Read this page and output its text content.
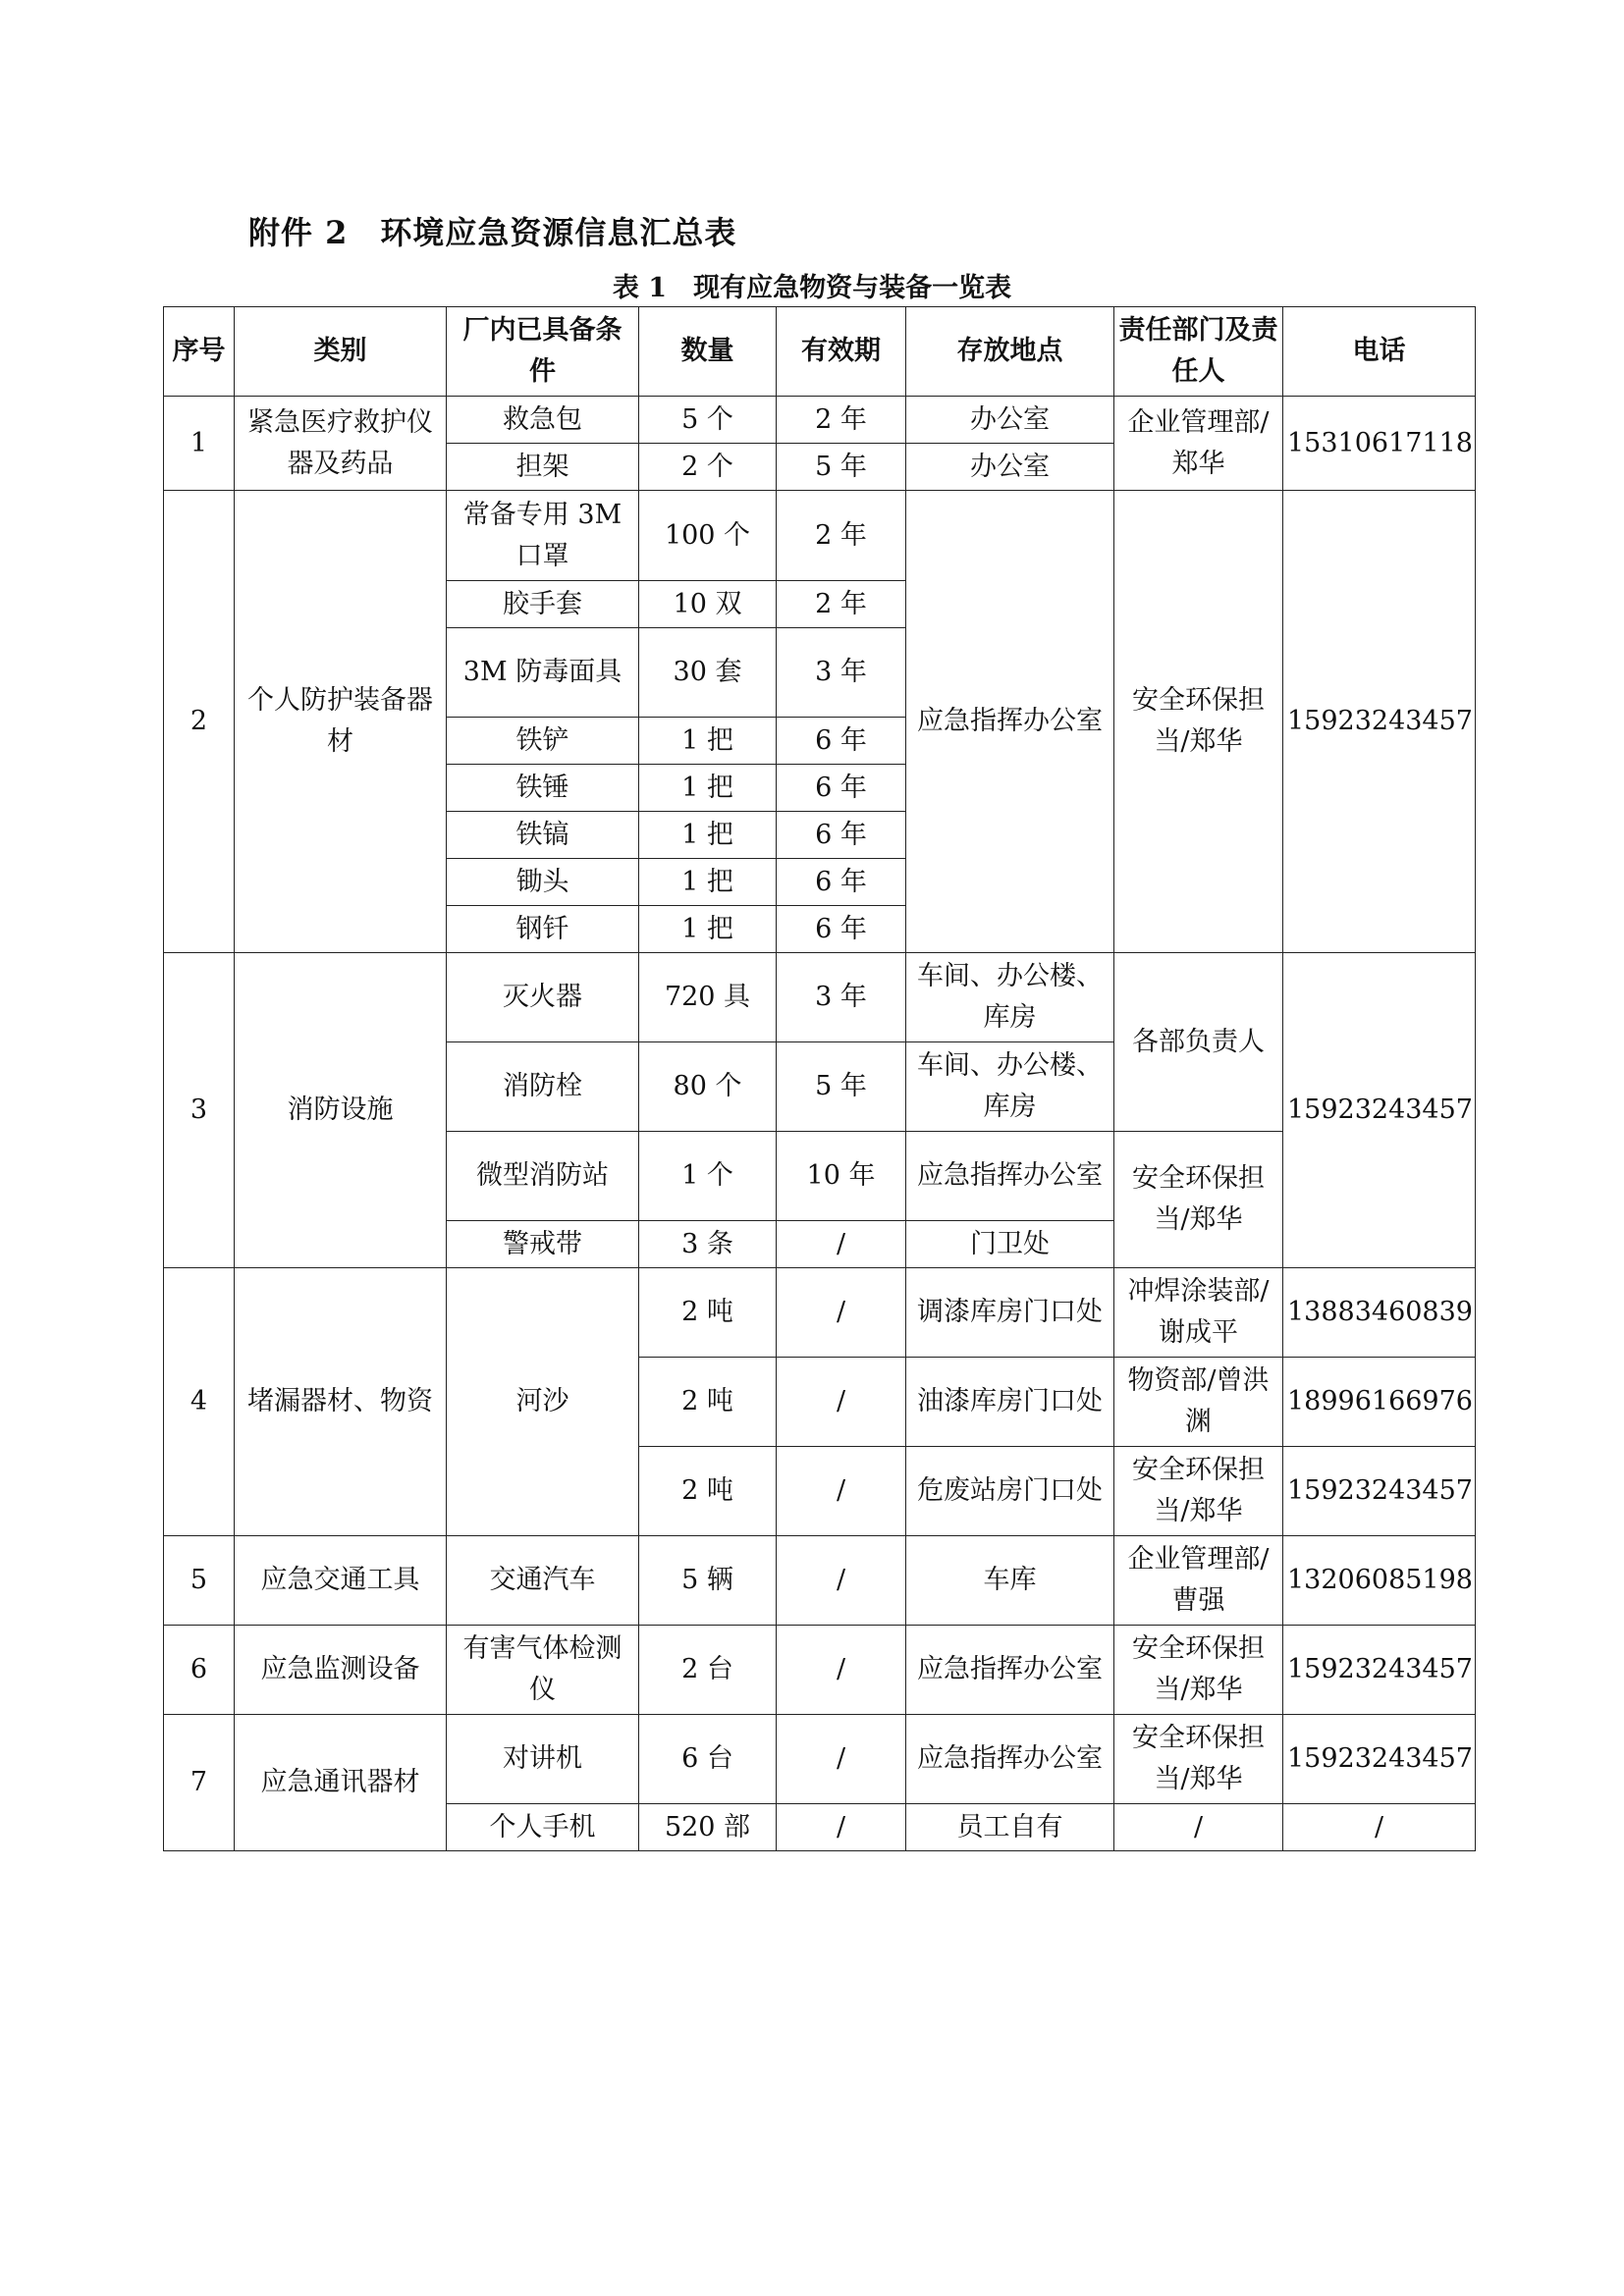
附件 2　环境应急资源信息汇总表
表 1　现有应急物资与装备一览表
序号	类别	厂内已具备条件	数量	有效期	存放地点	责任部门及责任人	电话
1	紧急医疗救护仪器及药品	救急包	5 个	2 年	办公室	企业管理部/郑华	15310617118
		担架	2 个	5 年	办公室		
2	个人防护装备器材	常备专用 3M 口罩	100 个	2 年	应急指挥办公室	安全环保担当/郑华	15923243457
		胶手套	10 双	2 年			
		3M 防毒面具	30 套	3 年			
		铁铲	1 把	6 年			
		铁锤	1 把	6 年			
		铁镐	1 把	6 年			
		锄头	1 把	6 年			
		钢钎	1 把	6 年			
3	消防设施	灭火器	720 具	3 年	车间、办公楼、库房	各部负责人	15923243457
		消防栓	80 个	5 年	车间、办公楼、库房		
		微型消防站	1 个	10 年	应急指挥办公室	安全环保担当/郑华	
		警戒带	3 条	/	门卫处		
4	堵漏器材、物资	河沙	2 吨	/	调漆库房门口处	冲焊涂装部/谢成平	13883460839
			2 吨	/	油漆库房门口处	物资部/曾洪渊	18996166976
			2 吨	/	危废站房门口处	安全环保担当/郑华	15923243457
5	应急交通工具	交通汽车	5 辆	/	车库	企业管理部/曹强	13206085198
6	应急监测设备	有害气体检测仪	2 台	/	应急指挥办公室	安全环保担当/郑华	15923243457
7	应急通讯器材	对讲机	6 台	/	应急指挥办公室	安全环保担当/郑华	15923243457
		个人手机	520 部	/	员工自有	/	/
